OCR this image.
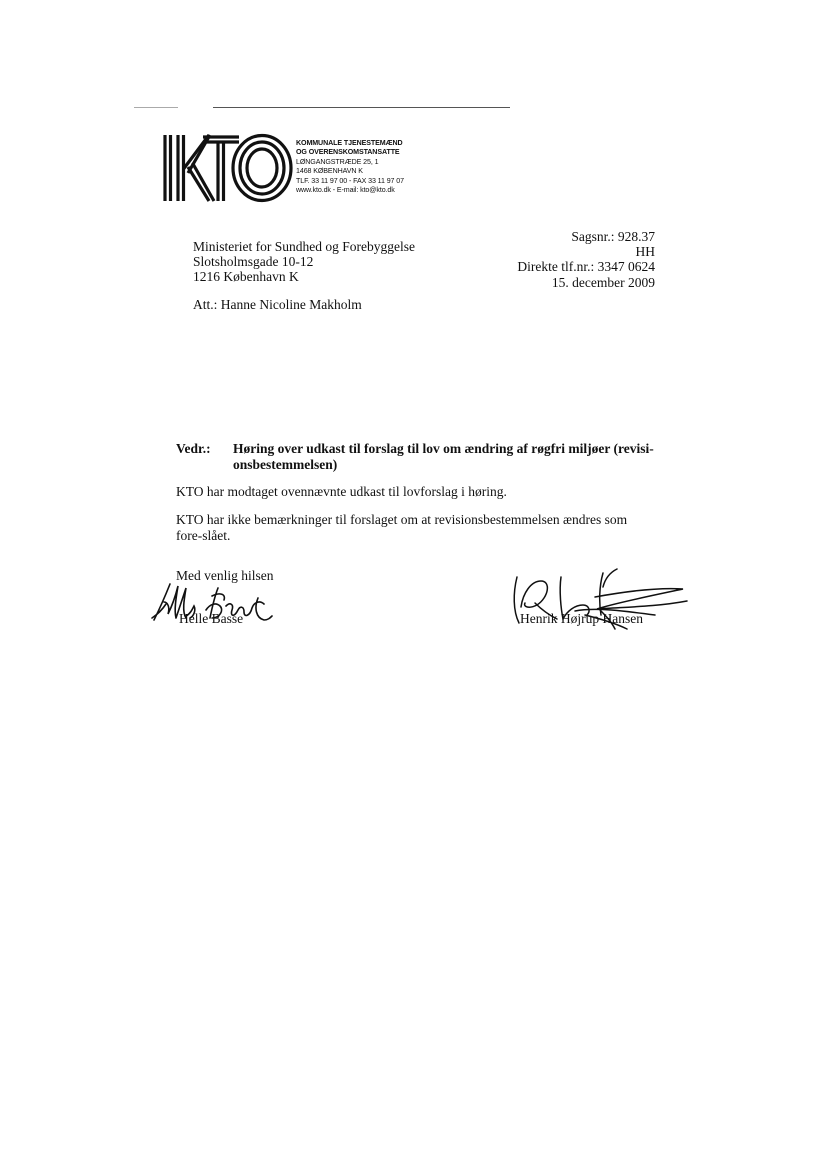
KOMMUNALE TJENESTEMÆND
OG OVERENSKOMSTANSATTE
LØNGANGSTRÆDE 25, 1
1468 KØBENHAVN K
TLF. 33 11 97 00 - FAX 33 11 97 07
www.kto.dk - E-mail: kto@kto.dk
Ministeriet for Sundhed og Forebyggelse
Slotsholmsgade 10-12
1216 København K
Att.: Hanne Nicoline Makholm
Sagsnr.: 928.37
HH
Direkte tlf.nr.: 3347 0624
15. december 2009
Vedr.: Høring over udkast til forslag til lov om ændring af røgfri miljøer (revisi-onsbestemmelsen)
KTO har modtaget ovennævnte udkast til lovforslag i høring.
KTO har ikke bemærkninger til forslaget om at revisionsbestemmelsen ændres som fore-slået.
Med venlig hilsen
Helle Basse	Henrik Højrup Hansen
